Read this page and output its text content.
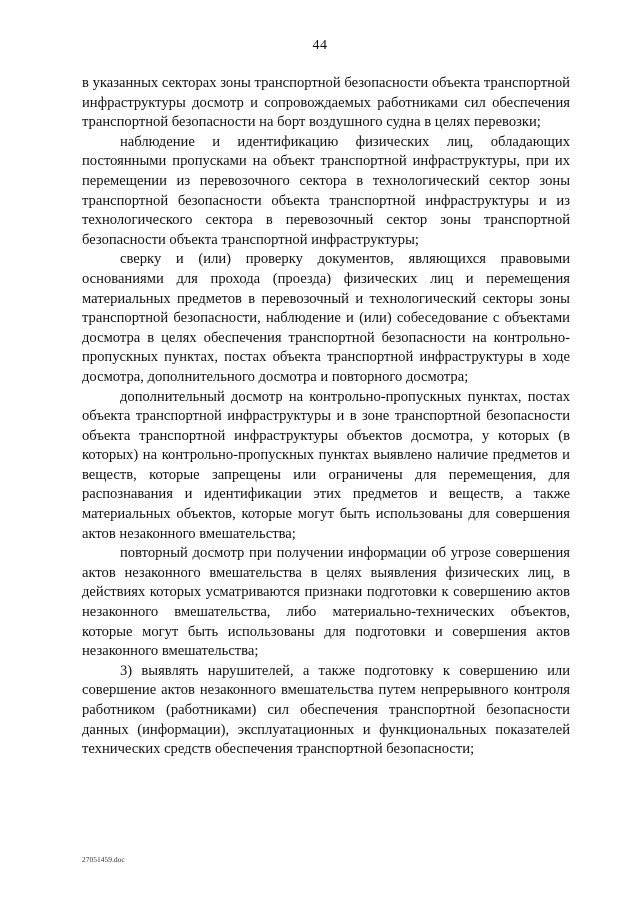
44

в указанных секторах зоны транспортной безопасности объекта транспортной инфраструктуры досмотр и сопровождаемых работниками сил обеспечения транспортной безопасности на борт воздушного судна в целях перевозки;

наблюдение и идентификацию физических лиц, обладающих постоянными пропусками на объект транспортной инфраструктуры, при их перемещении из перевозочного сектора в технологический сектор зоны транспортной безопасности объекта транспортной инфраструктуры и из технологического сектора в перевозочный сектор зоны транспортной безопасности объекта транспортной инфраструктуры;

сверку и (или) проверку документов, являющихся правовыми основаниями для прохода (проезда) физических лиц и перемещения материальных предметов в перевозочный и технологический секторы зоны транспортной безопасности, наблюдение и (или) собеседование с объектами досмотра в целях обеспечения транспортной безопасности на контрольно-пропускных пунктах, постах объекта транспортной инфраструктуры в ходе досмотра, дополнительного досмотра и повторного досмотра;

дополнительный досмотр на контрольно-пропускных пунктах, постах объекта транспортной инфраструктуры и в зоне транспортной безопасности объекта транспортной инфраструктуры объектов досмотра, у которых (в которых) на контрольно-пропускных пунктах выявлено наличие предметов и веществ, которые запрещены или ограничены для перемещения, для распознавания и идентификации этих предметов и веществ, а также материальных объектов, которые могут быть использованы для совершения актов незаконного вмешательства;

повторный досмотр при получении информации об угрозе совершения актов незаконного вмешательства в целях выявления физических лиц, в действиях которых усматриваются признаки подготовки к совершению актов незаконного вмешательства, либо материально-технических объектов, которые могут быть использованы для подготовки и совершения актов незаконного вмешательства;

3) выявлять нарушителей, а также подготовку к совершению или совершение актов незаконного вмешательства путем непрерывного контроля работником (работниками) сил обеспечения транспортной безопасности данных (информации), эксплуатационных и функциональных показателей технических средств обеспечения транспортной безопасности;

27051459.doc
